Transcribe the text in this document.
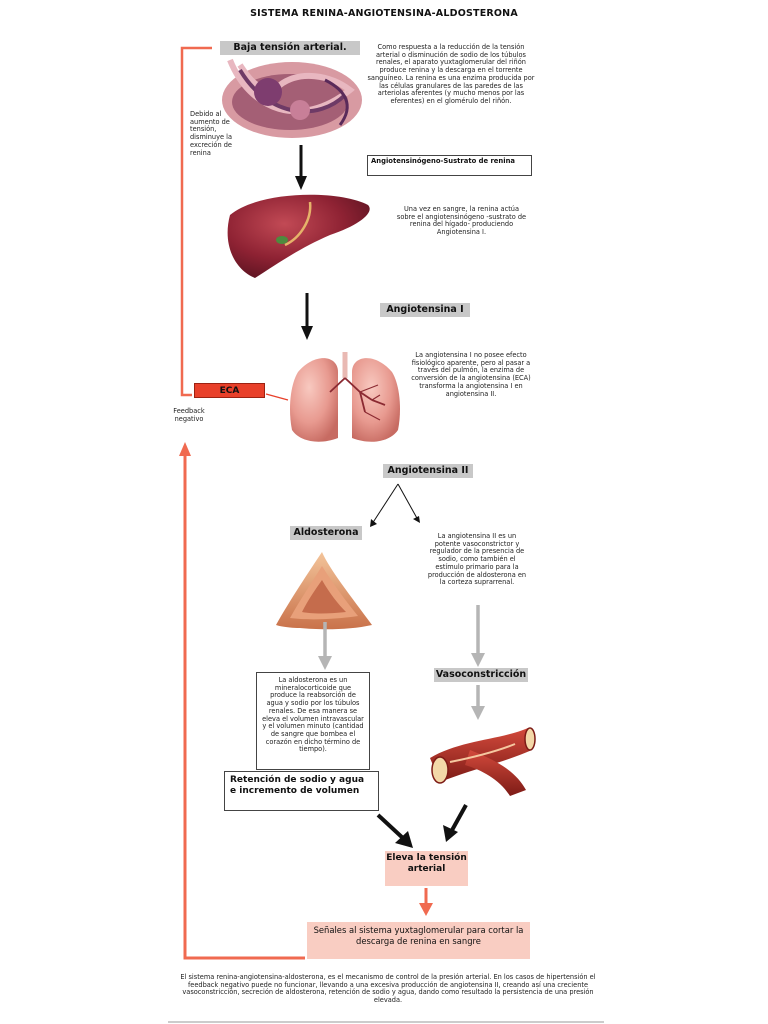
SISTEMA RENINA-ANGIOTENSINA-ALDOSTERONA
Baja tensión arterial.	Como respuesta a la reducción de la tensión arterial o disminución de sodio de los túbulos renales, el aparato yuxtaglomerular del riñón produce renina y la descarga en el torrente sanguíneo. La renina es una enzima producida por las células granulares de las paredes de las arteriolas aferentes (y mucho menos por las eferentes) en el glomérulo del riñón.
Debido al aumento de tensión, disminuye la excreción de renina
Angiotensinógeno-Sustrato de renina
Una vez en sangre, la renina actúa sobre el angiotensinógeno -sustrato de renina del hígado- produciendo Angiotensina I.
Angiotensina I
La angiotensina I no posee efecto fisiológico aparente, pero al pasar a través del pulmón, la enzima de conversión de la angiotensina (ECA) transforma la angiotensina I en angiotensina II.
ECA
Feedback negativo
Angiotensina II
Aldosterona	La angiotensina II es un potente vasoconstrictor y regulador de la presencia de sodio, como también el estímulo primario para la producción de aldosterona en la corteza suprarrenal.
Vasoconstricción
La aldosterona es un mineralocorticoide que produce la reabsorción de agua y sodio por los túbulos renales. De esa manera se eleva el volumen intravascular y el volumen minuto (cantidad de sangre que bombea el corazón en dicho término de tiempo).
Retención de sodio y agua e incremento de volumen
Eleva la tensión arterial
Señales al sistema yuxtaglomerular para cortar la descarga de renina en sangre
El sistema renina-angiotensina-aldosterona, es el mecanismo de control de la presión arterial. En los casos de hipertensión el feedback negativo puede no funcionar, llevando a una excesiva producción de angiotensina II, creando así una creciente vasoconstricción, secreción de aldosterona, retención de sodio y agua, dando como resultado la persistencia de una presión elevada.
